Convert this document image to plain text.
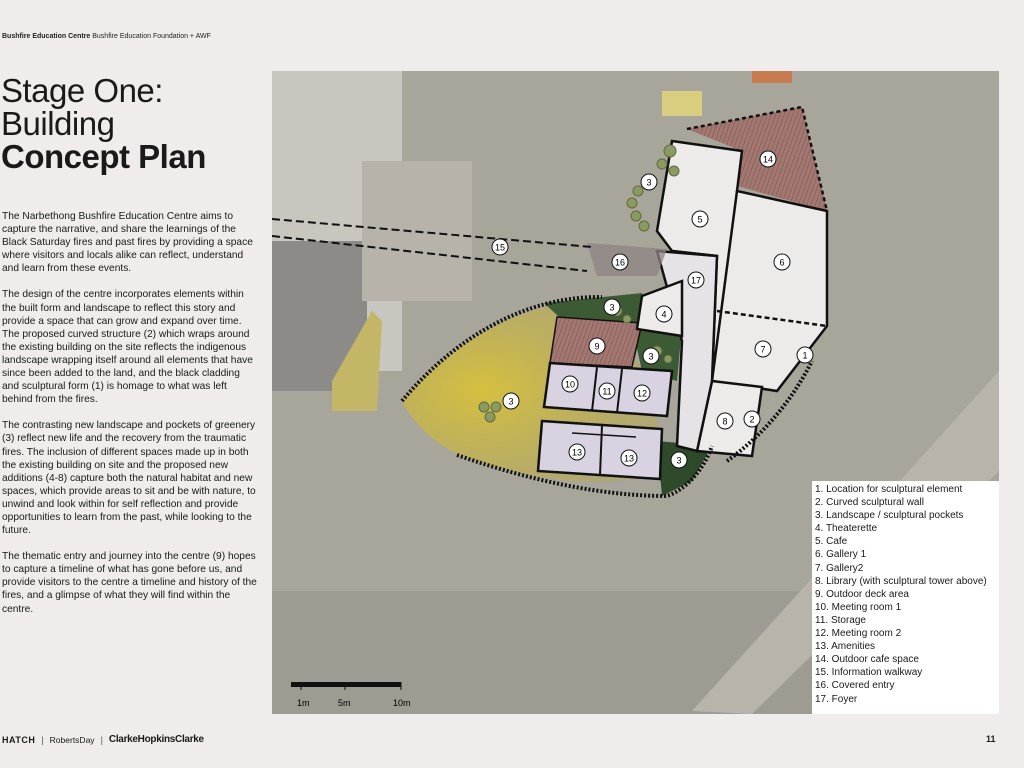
Bushfire Education Centre Bushfire Education Foundation + AWF
Stage One:
Building
Concept Plan

The Narbethong Bushfire Education Centre aims to capture the narrative, and share the learnings of the Black Saturday fires and past fires by providing a space where visitors and locals alike can reflect, understand and learn from these events.

The design of the centre incorporates elements within the built form and landscape to reflect this story and provide a space that can grow and expand over time. The proposed curved structure (2) which wraps around the existing building on the site reflects the indigenous landscape wrapping itself around all elements that have since been added to the land, and the black cladding and sculptural form (1) is homage to what was left behind from the fires.

The contrasting new landscape and pockets of greenery (3) reflect new life and the recovery from the traumatic fires. The inclusion of different spaces made up in both the existing building on site and the proposed new additions (4-8) capture both the natural habitat and new spaces, which provide areas to sit and be with nature, to unwind and look within for self reflection and provide opportunities to learn from the past, while looking to the future.

The thematic entry and journey into the centre (9) hopes to capture a timeline of what has gone before us, and provide visitors to the centre a timeline and history of the fires, and a glimpse of what they will find within the centre.

1
2
3
3
3
3
3
4
5
6
7
8
9
10
11	12
13
13
14
15
16
17
1. Location for sculptural element
2. Curved sculptural wall
3. Landscape / sculptural pockets
4. Theaterette
5. Cafe
6. Gallery 1
7. Gallery2
8. Library (with sculptural tower above)
9. Outdoor deck area
10. Meeting room 1
11. Storage
12. Meeting room 2
13. Amenities
14. Outdoor cafe space
15. Information walkway
16. Covered entry
17. Foyer
1m	5m	10m
HATCH | RobertsDay | ClarkeHopkinsClarke	11
